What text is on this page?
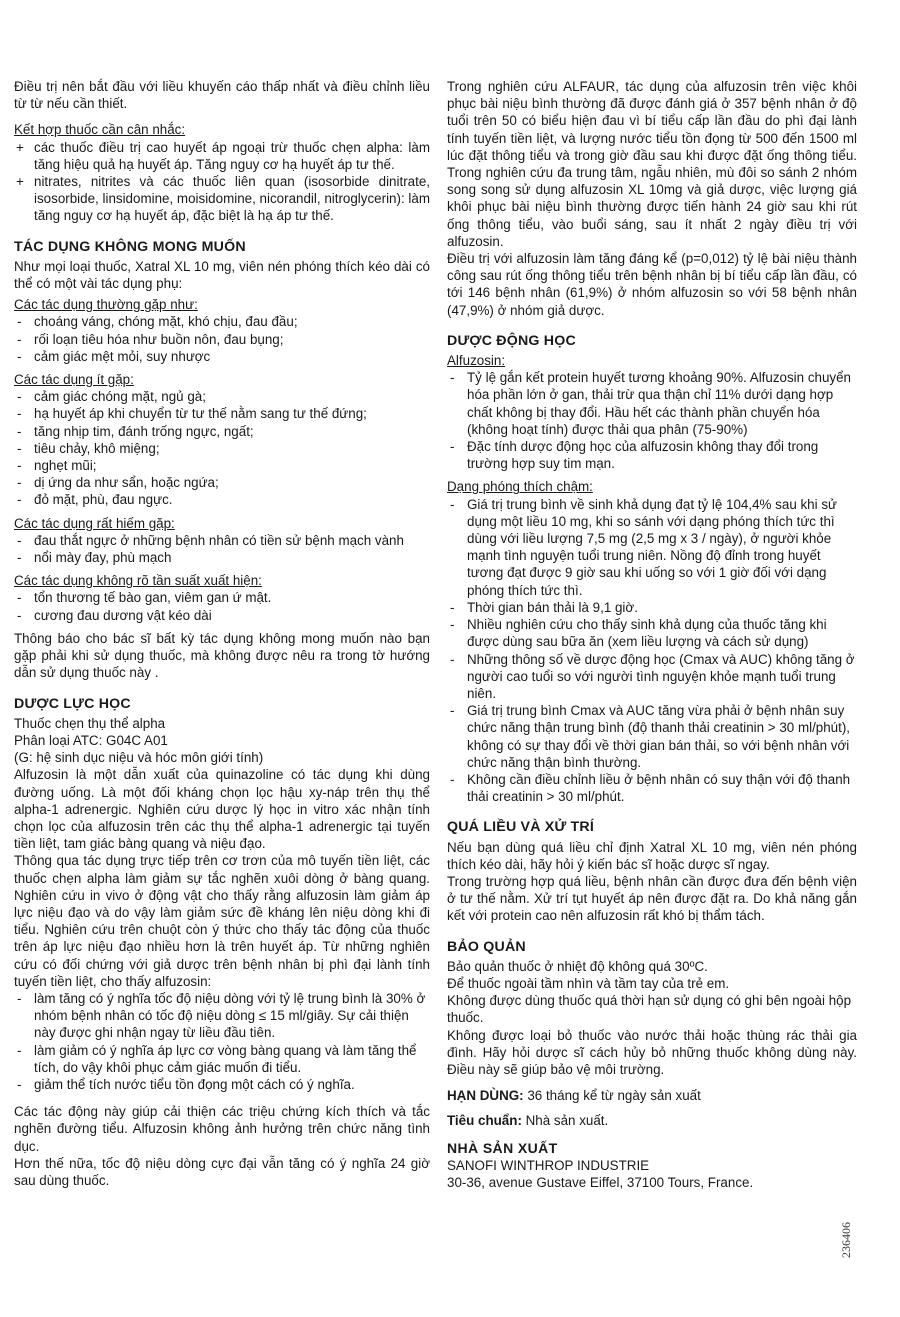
Điều trị nên bắt đầu với liều khuyến cáo thấp nhất và điều chỉnh liều từ từ nếu cần thiết.

Kết hợp thuốc cần cân nhắc:

+ các thuốc điều trị cao huyết áp ngoại trừ thuốc chẹn alpha: làm tăng hiệu quả hạ huyết áp. Tăng nguy cơ hạ huyết áp tư thế.
+ nitrates, nitrites và các thuốc liên quan (isosorbide dinitrate, isosorbide, linsidomine, moisidomine, nicorandil, nitroglycerin): làm tăng nguy cơ hạ huyết áp, đặc biệt là hạ áp tư thế.
TÁC DỤNG KHÔNG MONG MUỐN

Như mọi loại thuốc, Xatral XL 10 mg, viên nén phóng thích kéo dài có thể có một vài tác dụng phụ:

Các tác dụng thường gặp như:

- choáng váng, chóng mặt, khó chịu, đau đầu;
- rối loạn tiêu hóa như buồn nôn, đau bụng;
- cảm giác mệt mỏi, suy nhược

Các tác dụng ít gặp:

- cảm giác chóng mặt, ngủ gà;
- hạ huyết áp khi chuyển từ tư thế nằm sang tư thế đứng;
- tăng nhịp tim, đánh trống ngực, ngất;
- tiêu chảy, khô miệng;
- nghẹt mũi;
- dị ứng da như sẩn, hoặc ngứa;
- đỏ mặt, phù, đau ngực.

Các tác dụng rất hiếm gặp:

- đau thắt ngực ở những bệnh nhân có tiền sử bệnh mạch vành
- nổi mày đay, phù mạch

Các tác dụng không rõ tần suất xuất hiện:

- tổn thương tế bào gan, viêm gan ứ mật.
- cương đau dương vật kéo dài

Thông báo cho bác sĩ bất kỳ tác dụng không mong muốn nào bạn gặp phải khi sử dụng thuốc, mà không được nêu ra trong tờ hướng dẫn sử dụng thuốc này .

DƯỢC LỰC HỌC

Thuốc chẹn thụ thể alpha

Phân loại ATC: G04C A01

(G: hệ sinh dục niệu và hóc môn giới tính)

Alfuzosin là một dẫn xuất của quinazoline có tác dụng khi dùng đường uống. Là một đối kháng chọn lọc hậu xy-náp trên thụ thể alpha-1 adrenergic. Nghiên cứu dược lý học in vitro xác nhận tính chọn lọc của alfuzosin trên các thụ thể alpha-1 adrenergic tại tuyến tiền liệt, tam giác bàng quang và niệu đạo.

Thông qua tác dụng trực tiếp trên cơ trơn của mô tuyến tiền liệt, các thuốc chẹn alpha làm giảm sự tắc nghẽn xuôi dòng ở bàng quang. Nghiên cứu in vivo ở động vật cho thấy rằng alfuzosin làm giảm áp lực niệu đạo và do vậy làm giảm sức đề kháng lên niệu dòng khi đi tiểu. Nghiên cứu trên chuột còn ý thức cho thấy tác động của thuốc trên áp lực niệu đạo nhiều hơn là trên huyết áp. Từ những nghiên cứu có đối chứng với giả dược trên bệnh nhân bị phì đại lành tính tuyến tiền liệt, cho thấy alfuzosin:

- làm tăng có ý nghĩa tốc độ niệu dòng với tỷ lệ trung bình là 30% ở nhóm bệnh nhân có tốc độ niệu dòng ≤ 15 ml/giây. Sự cải thiện này được ghi nhận ngay từ liều đầu tiên.
- làm giảm có ý nghĩa áp lực cơ vòng bàng quang và làm tăng thể tích, do vậy khôi phục cảm giác muốn đi tiểu.
- giảm thể tích nước tiểu tồn đọng một cách có ý nghĩa.

Các tác động này giúp cải thiện các triệu chứng kích thích và tắc nghẽn đường tiểu. Alfuzosin không ảnh hưởng trên chức năng tình dục.

Hơn thế nữa, tốc độ niệu dòng cực đại vẫn tăng có ý nghĩa 24 giờ sau dùng thuốc.

Trong nghiên cứu ALFAUR, tác dụng của alfuzosin trên việc khôi phục bài niệu bình thường đã được đánh giá ở 357 bệnh nhân ở độ tuổi trên 50 có biểu hiện đau vì bí tiểu cấp lần đầu do phì đại lành tính tuyến tiền liệt, và lượng nước tiểu tồn đọng từ 500 đến 1500 ml lúc đặt thông tiểu và trong giờ đầu sau khi được đặt ống thông tiểu. Trong nghiên cứu đa trung tâm, ngẫu nhiên, mù đôi so sánh 2 nhóm song song sử dụng alfuzosin XL 10mg và giả dược, việc lượng giá khôi phục bài niệu bình thường được tiến hành 24 giờ sau khi rút ống thông tiểu, vào buổi sáng, sau ít nhất 2 ngày điều trị với alfuzosin.

Điều trị với alfuzosin làm tăng đáng kể (p=0,012) tỷ lệ bài niệu thành công sau rút ống thông tiểu trên bệnh nhân bị bí tiểu cấp lần đầu, có tới 146 bệnh nhân (61,9%) ở nhóm alfuzosin so với 58 bệnh nhân (47,9%) ở nhóm giả dược.

DƯỢC ĐỘNG HỌC

Alfuzosin:

- Tỷ lệ gắn kết protein huyết tương khoảng 90%. Alfuzosin chuyển hóa phần lớn ở gan, thải trừ qua thận chỉ 11% dưới dạng hợp chất không bị thay đổi. Hầu hết các thành phần chuyển hóa (không hoạt tính) được thải qua phân (75-90%)
- Đặc tính dược động học của alfuzosin không thay đổi trong trường hợp suy tim mạn.

Dạng phóng thích chậm:

- Giá trị trung bình về sinh khả dụng đạt tỷ lệ 104,4% sau khi sử dụng một liều 10 mg, khi so sánh với dạng phóng thích tức thì dùng với liều lượng 7,5 mg (2,5 mg x 3 / ngày), ở người khỏe mạnh tình nguyện tuổi trung niên. Nồng độ đỉnh trong huyết tương đạt được 9 giờ sau khi uống so với 1 giờ đối với dạng phóng thích tức thì.
- Thời gian bán thải là 9,1 giờ.
- Nhiều nghiên cứu cho thấy sinh khả dụng của thuốc tăng khi được dùng sau bữa ăn (xem liều lượng và cách sử dụng)
- Những thông số về dược động học (Cmax và AUC) không tăng ở người cao tuổi so với người tình nguyện khỏe mạnh tuổi trung niên.
- Giá trị trung bình Cmax và AUC tăng vừa phải ở bệnh nhân suy chức năng thận trung bình (độ thanh thải creatinin > 30 ml/phút), không có sự thay đổi về thời gian bán thải, so với bệnh nhân với chức năng thận bình thường.
- Không cần điều chỉnh liều ở bệnh nhân có suy thận với độ thanh thải creatinin > 30 ml/phút.
QUÁ LIỀU VÀ XỬ TRÍ

Nếu bạn dùng quá liều chỉ định Xatral XL 10 mg, viên nén phóng thích kéo dài, hãy hỏi ý kiến bác sĩ hoặc dược sĩ ngay.

Trong trường hợp quá liều, bệnh nhân cần được đưa đến bệnh viện ở tư thế nằm. Xử trí tụt huyết áp nên được đặt ra. Do khả năng gắn kết với protein cao nên alfuzosin rất khó bị thẩm tách.

BẢO QUẢN

Bảo quản thuốc ở nhiệt độ không quá 30ºC.

Để thuốc ngoài tầm nhìn và tầm tay của trẻ em.

Không được dùng thuốc quá thời hạn sử dụng có ghi bên ngoài hộp thuốc.

Không được loại bỏ thuốc vào nước thải hoặc thùng rác thải gia đình. Hãy hỏi dược sĩ cách hủy bỏ những thuốc không dùng này. Điều này sẽ giúp bảo vệ môi trường.

HẠN DÙNG: 36 tháng kể từ ngày sản xuất

Tiêu chuẩn: Nhà sản xuất.

NHÀ SẢN XUẤT

SANOFI WINTHROP INDUSTRIE

30-36, avenue Gustave Eiffel, 37100 Tours, France.

236406
